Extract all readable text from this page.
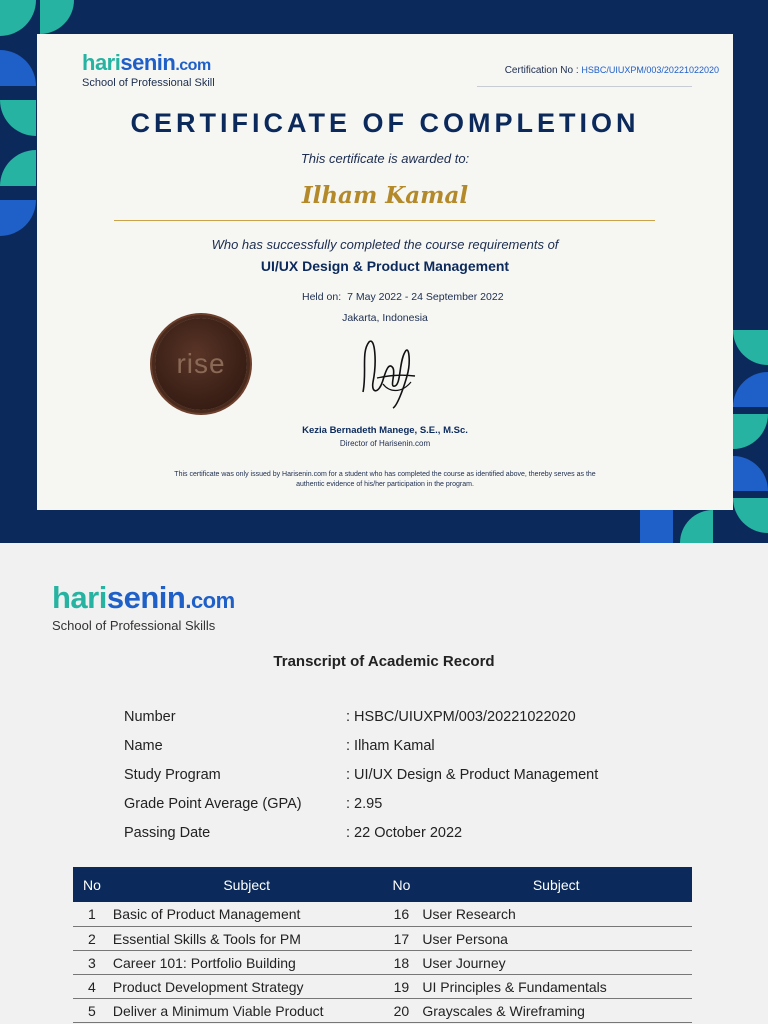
harisenin.com
School of Professional Skill
Certification No : HSBC/UIUXPM/003/20221022020
CERTIFICATE OF COMPLETION
This certificate is awarded to:
Ilham Kamal
Who has successfully completed the course requirements of
UI/UX Design & Product Management
Held on: 7 May 2022 - 24 September 2022
Jakarta, Indonesia
rise
Kezia Bernadeth Manege, S.E., M.Sc.
Director of Harisenin.com
This certificate was only issued by Harisenin.com for a student who has completed the course as identified above, thereby serves as the authentic evidence of his/her participation in the program.
harisenin.com
School of Professional Skills
Transcript of Academic Record
Number	: HSBC/UIUXPM/003/20221022020
Name	: Ilham Kamal
Study Program	: UI/UX Design & Product Management
Grade Point Average (GPA)	: 2.95
Passing Date	: 22 October 2022
No	Subject	No	Subject
1	Basic of Product Management	16	User Research
2	Essential Skills & Tools for PM	17	User Persona
3	Career 101: Portfolio Building	18	User Journey
4	Product Development Strategy	19	UI Principles & Fundamentals
5	Deliver a Minimum Viable Product	20	Grayscales & Wireframing
